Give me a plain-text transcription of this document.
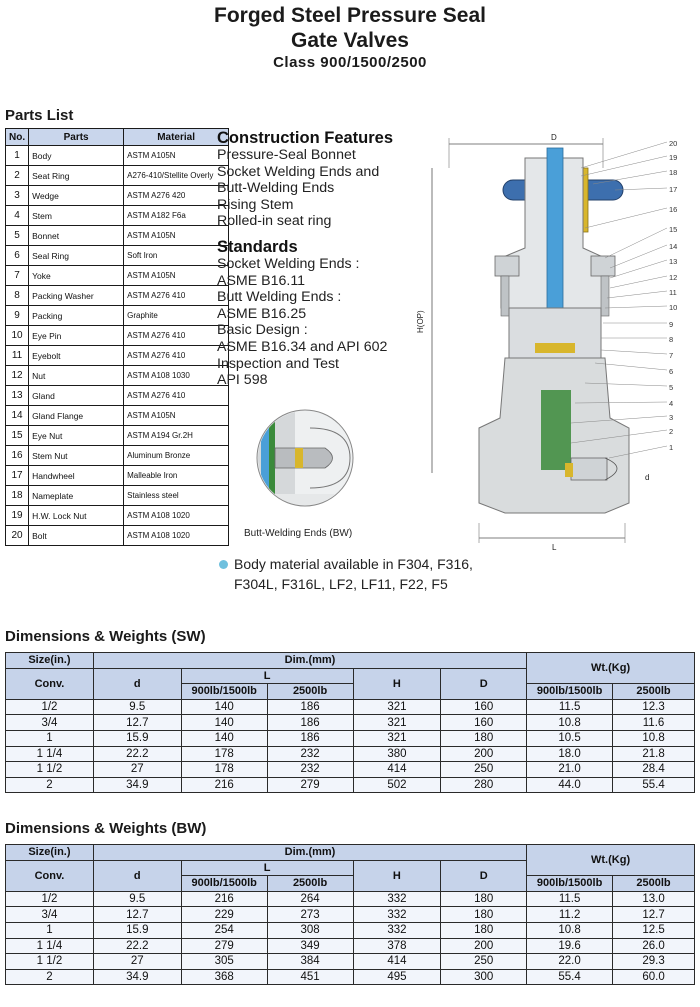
Forged Steel Pressure Seal
Gate Valves
Class 900/1500/2500
Parts List
No.	Parts	Material
1	Body	ASTM A105N
2	Seat Ring	A276-410/Stellite Overly
3	Wedge	ASTM A276 420
4	Stem	ASTM A182 F6a
5	Bonnet	ASTM A105N
6	Seal Ring	Soft Iron
7	Yoke	ASTM A105N
8	Packing Washer	ASTM A276 410
9	Packing	Graphite
10	Eye Pin	ASTM A276 410
11	Eyebolt	ASTM A276 410
12	Nut	ASTM A108 1030
13	Gland	ASTM A276 410
14	Gland Flange	ASTM A105N
15	Eye Nut	ASTM A194 Gr.2H
16	Stem Nut	Aluminum Bronze
17	Handwheel	Malleable Iron
18	Nameplate	Stainless steel
19	H.W. Lock Nut	ASTM A108 1020
20	Bolt	ASTM A108 1020
Construction Features
Pressure-Seal Bonnet
Socket Welding Ends and
Butt-Welding Ends
Rising Stem
Rolled-in seat ring
Standards
Socket Welding Ends :
ASME B16.11
Butt Welding Ends :
ASME B16.25
Basic Design :
ASME B16.34 and API 602
Inspection and Test
API 598
Butt-Welding Ends (BW)
D
H(OP)
L
d
20
19
18
17
16
15
14
13
12
11
10
9
8
7
6
5
4
3
2
1
Body material available in F304, F316,
F304L, F316L, LF2, LF11, F22, F5
Dimensions & Weights (SW)
Size(in.)	Dim.(mm)					Wt.(Kg)	
Conv.	d	L		H	D		
		900lb/1500lb	2500lb			900lb/1500lb	2500lb
1/2	9.5	140	186	321	160	11.5	12.3
3/4	12.7	140	186	321	160	10.8	11.6
1	15.9	140	186	321	180	10.5	10.8
1 1/4	22.2	178	232	380	200	18.0	21.8
1 1/2	27	178	232	414	250	21.0	28.4
2	34.9	216	279	502	280	44.0	55.4
Dimensions & Weights (BW)
Size(in.)	Dim.(mm)					Wt.(Kg)	
Conv.	d	L		H	D		
		900lb/1500lb	2500lb			900lb/1500lb	2500lb
1/2	9.5	216	264	332	180	11.5	13.0
3/4	12.7	229	273	332	180	11.2	12.7
1	15.9	254	308	332	180	10.8	12.5
1 1/4	22.2	279	349	378	200	19.6	26.0
1 1/2	27	305	384	414	250	22.0	29.3
2	34.9	368	451	495	300	55.4	60.0
